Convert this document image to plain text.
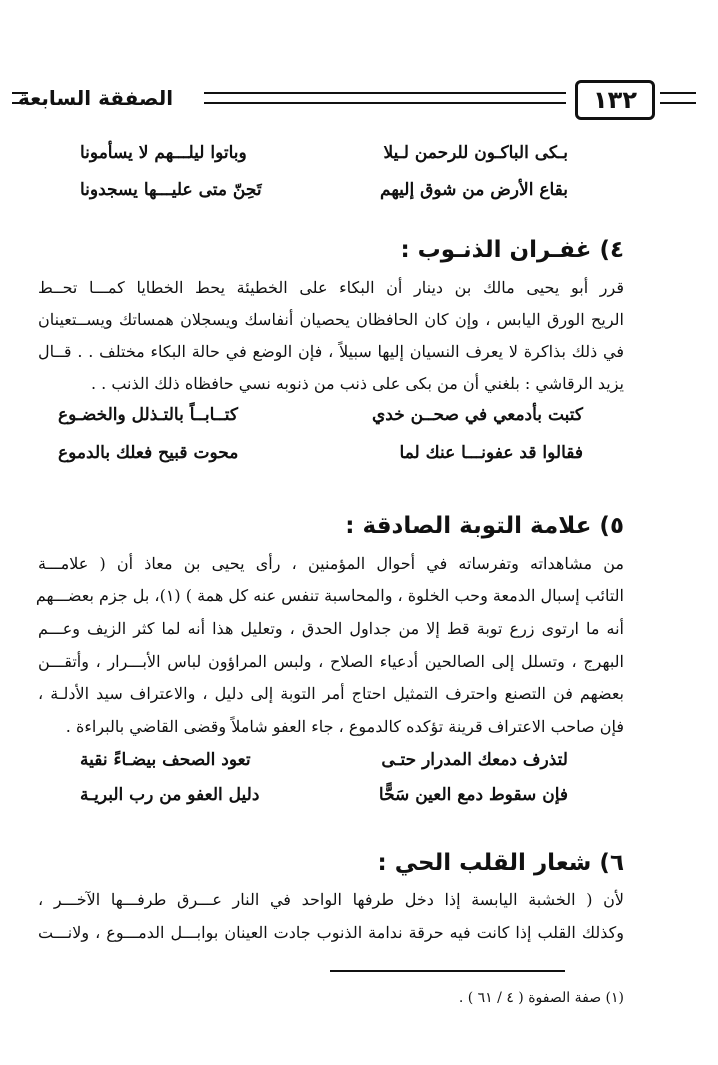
الصفقة السابعة	١٣٢
بـكى الباكـون للرحمن لـيلا
وباتوا ليلـــهم لا يسأمونا
بقاع الأرض من شوق إليهم
تَحِنّ متى عليـــها يسجدونا
٤) غفـران الذنـوب :
قرر أبو يحيى مالك بن دينار أن البكاء على الخطيئة يحط الخطايا كمـــا تحــط
الريح الورق اليابس ، وإن كان الحافظان يحصيان أنفاسك ويسجلان همساتك ويســتعينان
في ذلك بذاكرة لا يعرف النسيان إليها سبيلاً ، فإن الوضع في حالة البكاء مختلف . . قــال
يزيد الرقاشي : بلغني أن من بكى على ذنب من ذنوبه نسي حافظاه ذلك الذنب . .
كتبت بأدمعي في صحــن خدي
كتــابــاً بالتـذلل والخضـوع
فقالوا قد عفونـــا عنك لما
محوت قبيح فعلك بالدموع
٥) علامة التوبة الصادقة :
من مشاهداته وتفرساته في أحوال المؤمنين ، رأى يحيى بن معاذ أن ( علامـــة
التائب إسبال الدمعة وحب الخلوة ، والمحاسبة تنفس عنه كل همة ) (١)، بل جزم بعضـــهم
أنه ما ارتوى زرع توبة قط إلا من جداول الحدق ، وتعليل هذا أنه لما كثر الزيف وعـــم
البهرج ، وتسلل إلى الصالحين أدعياء الصلاح ، ولبس المراؤون لباس الأبـــرار ، وأتقـــن
بعضهم فن التصنع واحترف التمثيل احتاج أمر التوبة إلى دليل ، والاعتراف سيد الأدلـة ،
فإن صاحب الاعتراف قرينة تؤكده كالدموع ، جاء العفو شاملاً وقضى القاضي بالبراءة .
لتذرف دمعك المدرار حتـى
تعود الصحف بيضـاءً نقية
فإن سقوط دمع العين سَحًّا
دليل العفو من رب البريـة
٦) شعار القلب الحي :
لأن ( الخشبة اليابسة إذا دخل طرفها الواحد في النار عـــرق طرفـــها الآخـــر ،
وكذلك القلب إذا كانت فيه حرقة ندامة الذنوب جادت العينان بوابـــل الدمـــوع ، ولانـــت
(١) صفة الصفوة ( ٤ / ٦١ ) .
